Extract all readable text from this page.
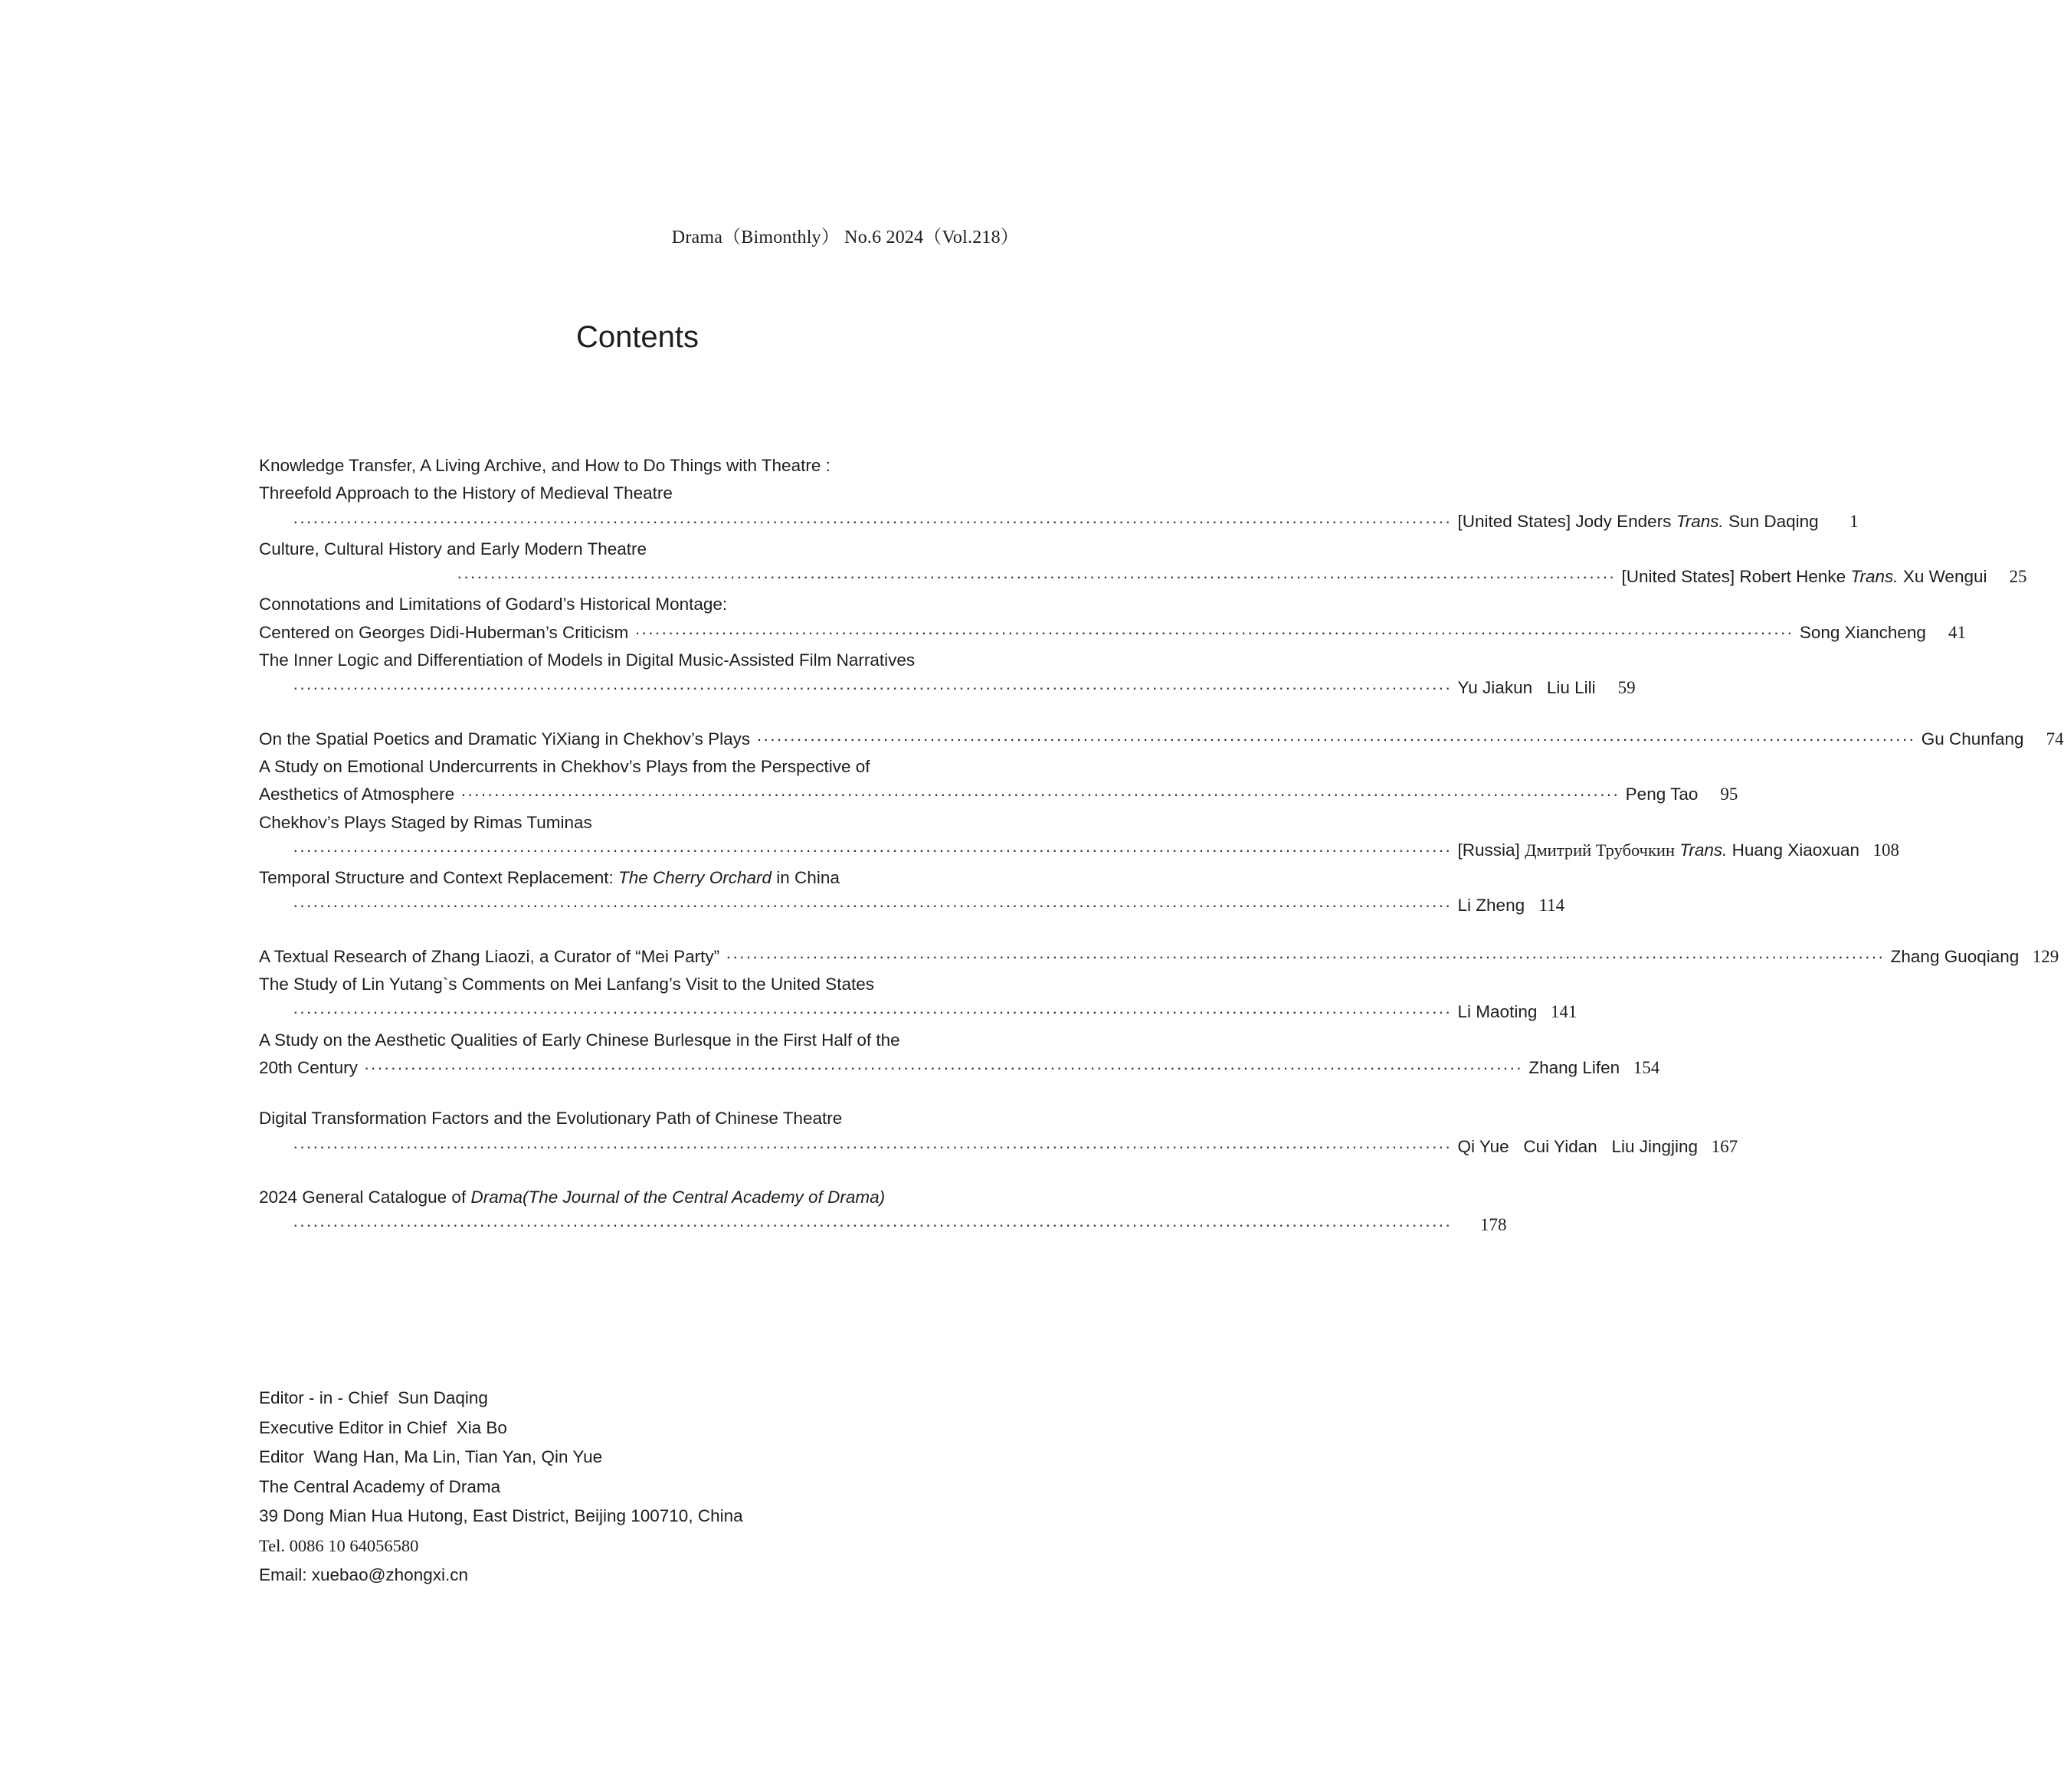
Drama（Bimonthly） No.6 2024（Vol.218）
Contents
Knowledge Transfer, A Living Archive, and How to Do Things with Theatre :
Threefold Approach to the History of Medieval Theatre
·····
[United States] Jody Enders Trans. Sun Daqing	1
Culture, Cultural History and Early Modern Theatre
·····
[United States] Robert Henke Trans. Xu Wengui	25
Connotations and Limitations of Godard’s Historical Montage:
Centered on Georges Didi-Huberman’s Criticism ·····	Song Xiancheng	41
The Inner Logic and Differentiation of Models in Digital Music-Assisted Film Narratives
·····
Yu Jiakun   Liu Lili	59
On the Spatial Poetics and Dramatic YiXiang in Chekhov’s Plays ·····	Gu Chunfang	74
A Study on Emotional Undercurrents in Chekhov’s Plays from the Perspective of
Aesthetics of Atmosphere ·····	Peng Tao	95
Chekhov’s Plays Staged by Rimas Tuminas
·····
[Russia] Дмитрий Трубочкин Trans. Huang Xiaoxuan 108
Temporal Structure and Context Replacement: The Cherry Orchard in China
·····
Li Zheng 114
A Textual Research of Zhang Liaozi, a Curator of “Mei Party” ·····	Zhang Guoqiang 129
The Study of Lin Yutang`s Comments on Mei Lanfang’s Visit to the United States
·····
Li Maoting 141
A Study on the Aesthetic Qualities of Early Chinese Burlesque in the First Half of the
20th Century ·····	Zhang Lifen 154
Digital Transformation Factors and the Evolutionary Path of Chinese Theatre
·····
Qi Yue   Cui Yidan   Liu Jingjing 167
2024 General Catalogue of Drama(The Journal of the Central Academy of Drama)
·····
178
Editor - in - Chief  Sun Daqing
Executive Editor in Chief  Xia Bo
Editor  Wang Han, Ma Lin, Tian Yan, Qin Yue
The Central Academy of Drama
39 Dong Mian Hua Hutong, East District, Beijing 100710, China
Tel. 0086 10 64056580
Email: xuebao@zhongxi.cn
